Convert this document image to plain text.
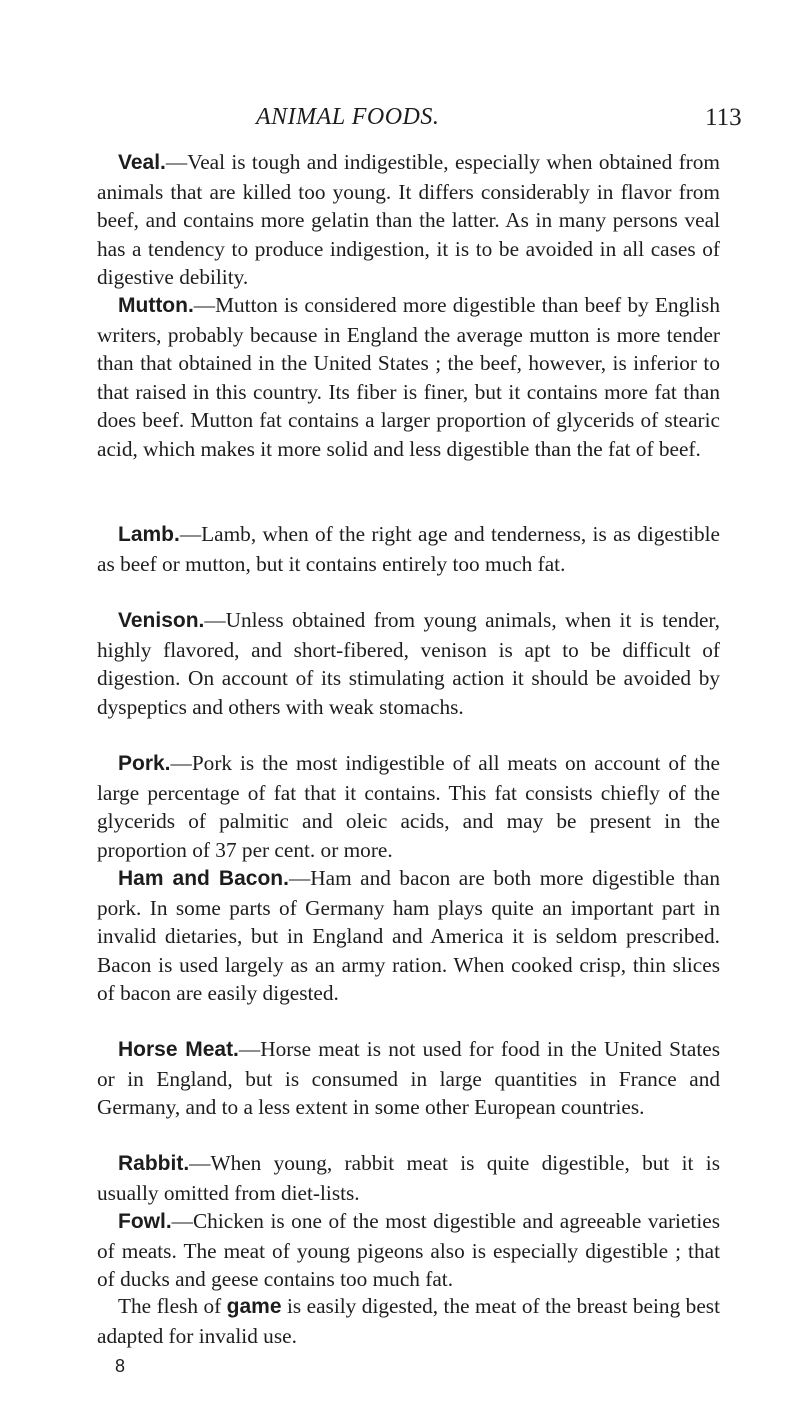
ANIMAL FOODS.	113

Veal.—Veal is tough and indigestible, especially when obtained from animals that are killed too young. It differs considerably in flavor from beef, and contains more gelatin than the latter. As in many persons veal has a tendency to produce indigestion, it is to be avoided in all cases of digestive debility.

Mutton.—Mutton is considered more digestible than beef by English writers, probably because in England the average mutton is more tender than that obtained in the United States ; the beef, however, is inferior to that raised in this country. Its fiber is finer, but it contains more fat than does beef. Mutton fat contains a larger proportion of glycerids of stearic acid, which makes it more solid and less digestible than the fat of beef.

Lamb.—Lamb, when of the right age and tenderness, is as digestible as beef or mutton, but it contains entirely too much fat.

Venison.—Unless obtained from young animals, when it is tender, highly flavored, and short-fibered, venison is apt to be difficult of digestion. On account of its stimulating action it should be avoided by dyspeptics and others with weak stomachs.

Pork.—Pork is the most indigestible of all meats on account of the large percentage of fat that it contains. This fat consists chiefly of the glycerids of palmitic and oleic acids, and may be present in the proportion of 37 per cent. or more.

Ham and Bacon.—Ham and bacon are both more digestible than pork. In some parts of Germany ham plays quite an important part in invalid dietaries, but in England and America it is seldom prescribed. Bacon is used largely as an army ration. When cooked crisp, thin slices of bacon are easily digested.

Horse Meat.—Horse meat is not used for food in the United States or in England, but is consumed in large quantities in France and Germany, and to a less extent in some other European countries.

Rabbit.—When young, rabbit meat is quite digestible, but it is usually omitted from diet-lists.

Fowl.—Chicken is one of the most digestible and agreeable varieties of meats. The meat of young pigeons also is especially digestible ; that of ducks and geese contains too much fat.

The flesh of game is easily digested, the meat of the breast being best adapted for invalid use.

8
